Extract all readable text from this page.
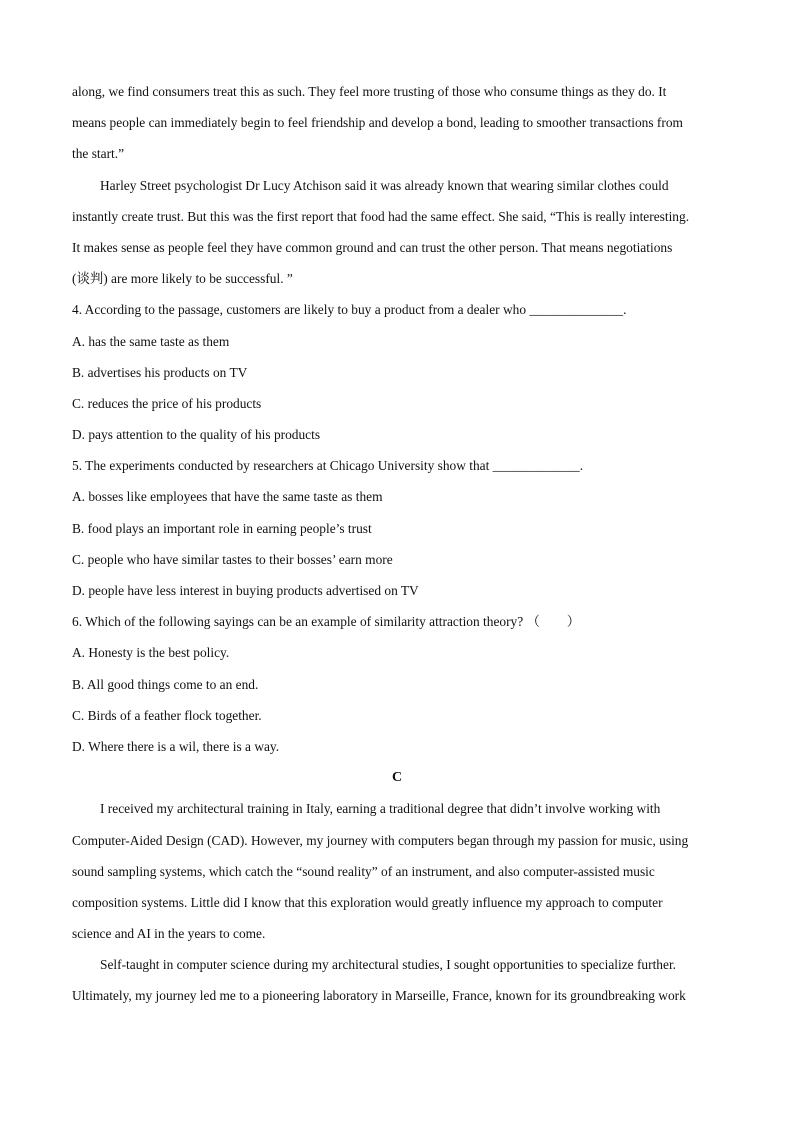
along, we find consumers treat this as such. They feel more trusting of those who consume things as they do. It
means people can immediately begin to feel friendship and develop a bond, leading to smoother transactions from
the start.”
Harley Street psychologist Dr Lucy Atchison said it was already known that wearing similar clothes could
instantly create trust. But this was the first report that food had the same effect. She said, “This is really interesting.
It makes sense as people feel they have common ground and can trust the other person. That means negotiations
(谈判) are more likely to be successful. ”
4. According to the passage, customers are likely to buy a product from a dealer who ______________.
A. has the same taste as them
B. advertises his products on TV
C. reduces the price of his products
D. pays attention to the quality of his products
5. The experiments conducted by researchers at Chicago University show that _____________.
A. bosses like employees that have the same taste as them
B. food plays an important role in earning people’s trust
C. people who have similar tastes to their bosses’ earn more
D. people have less interest in buying products advertised on TV
6. Which of the following sayings can be an example of similarity attraction theory? （　　）
A. Honesty is the best policy.
B. All good things come to an end.
C. Birds of a feather flock together.
D. Where there is a wil, there is a way.
C
I received my architectural training in Italy, earning a traditional degree that didn’t involve working with
Computer-Aided Design (CAD). However, my journey with computers began through my passion for music, using
sound sampling systems, which catch the “sound reality” of an instrument, and also computer-assisted music
composition systems. Little did I know that this exploration would greatly influence my approach to computer
science and AI in the years to come.
Self-taught in computer science during my architectural studies, I sought opportunities to specialize further.
Ultimately, my journey led me to a pioneering laboratory in Marseille, France, known for its groundbreaking work
